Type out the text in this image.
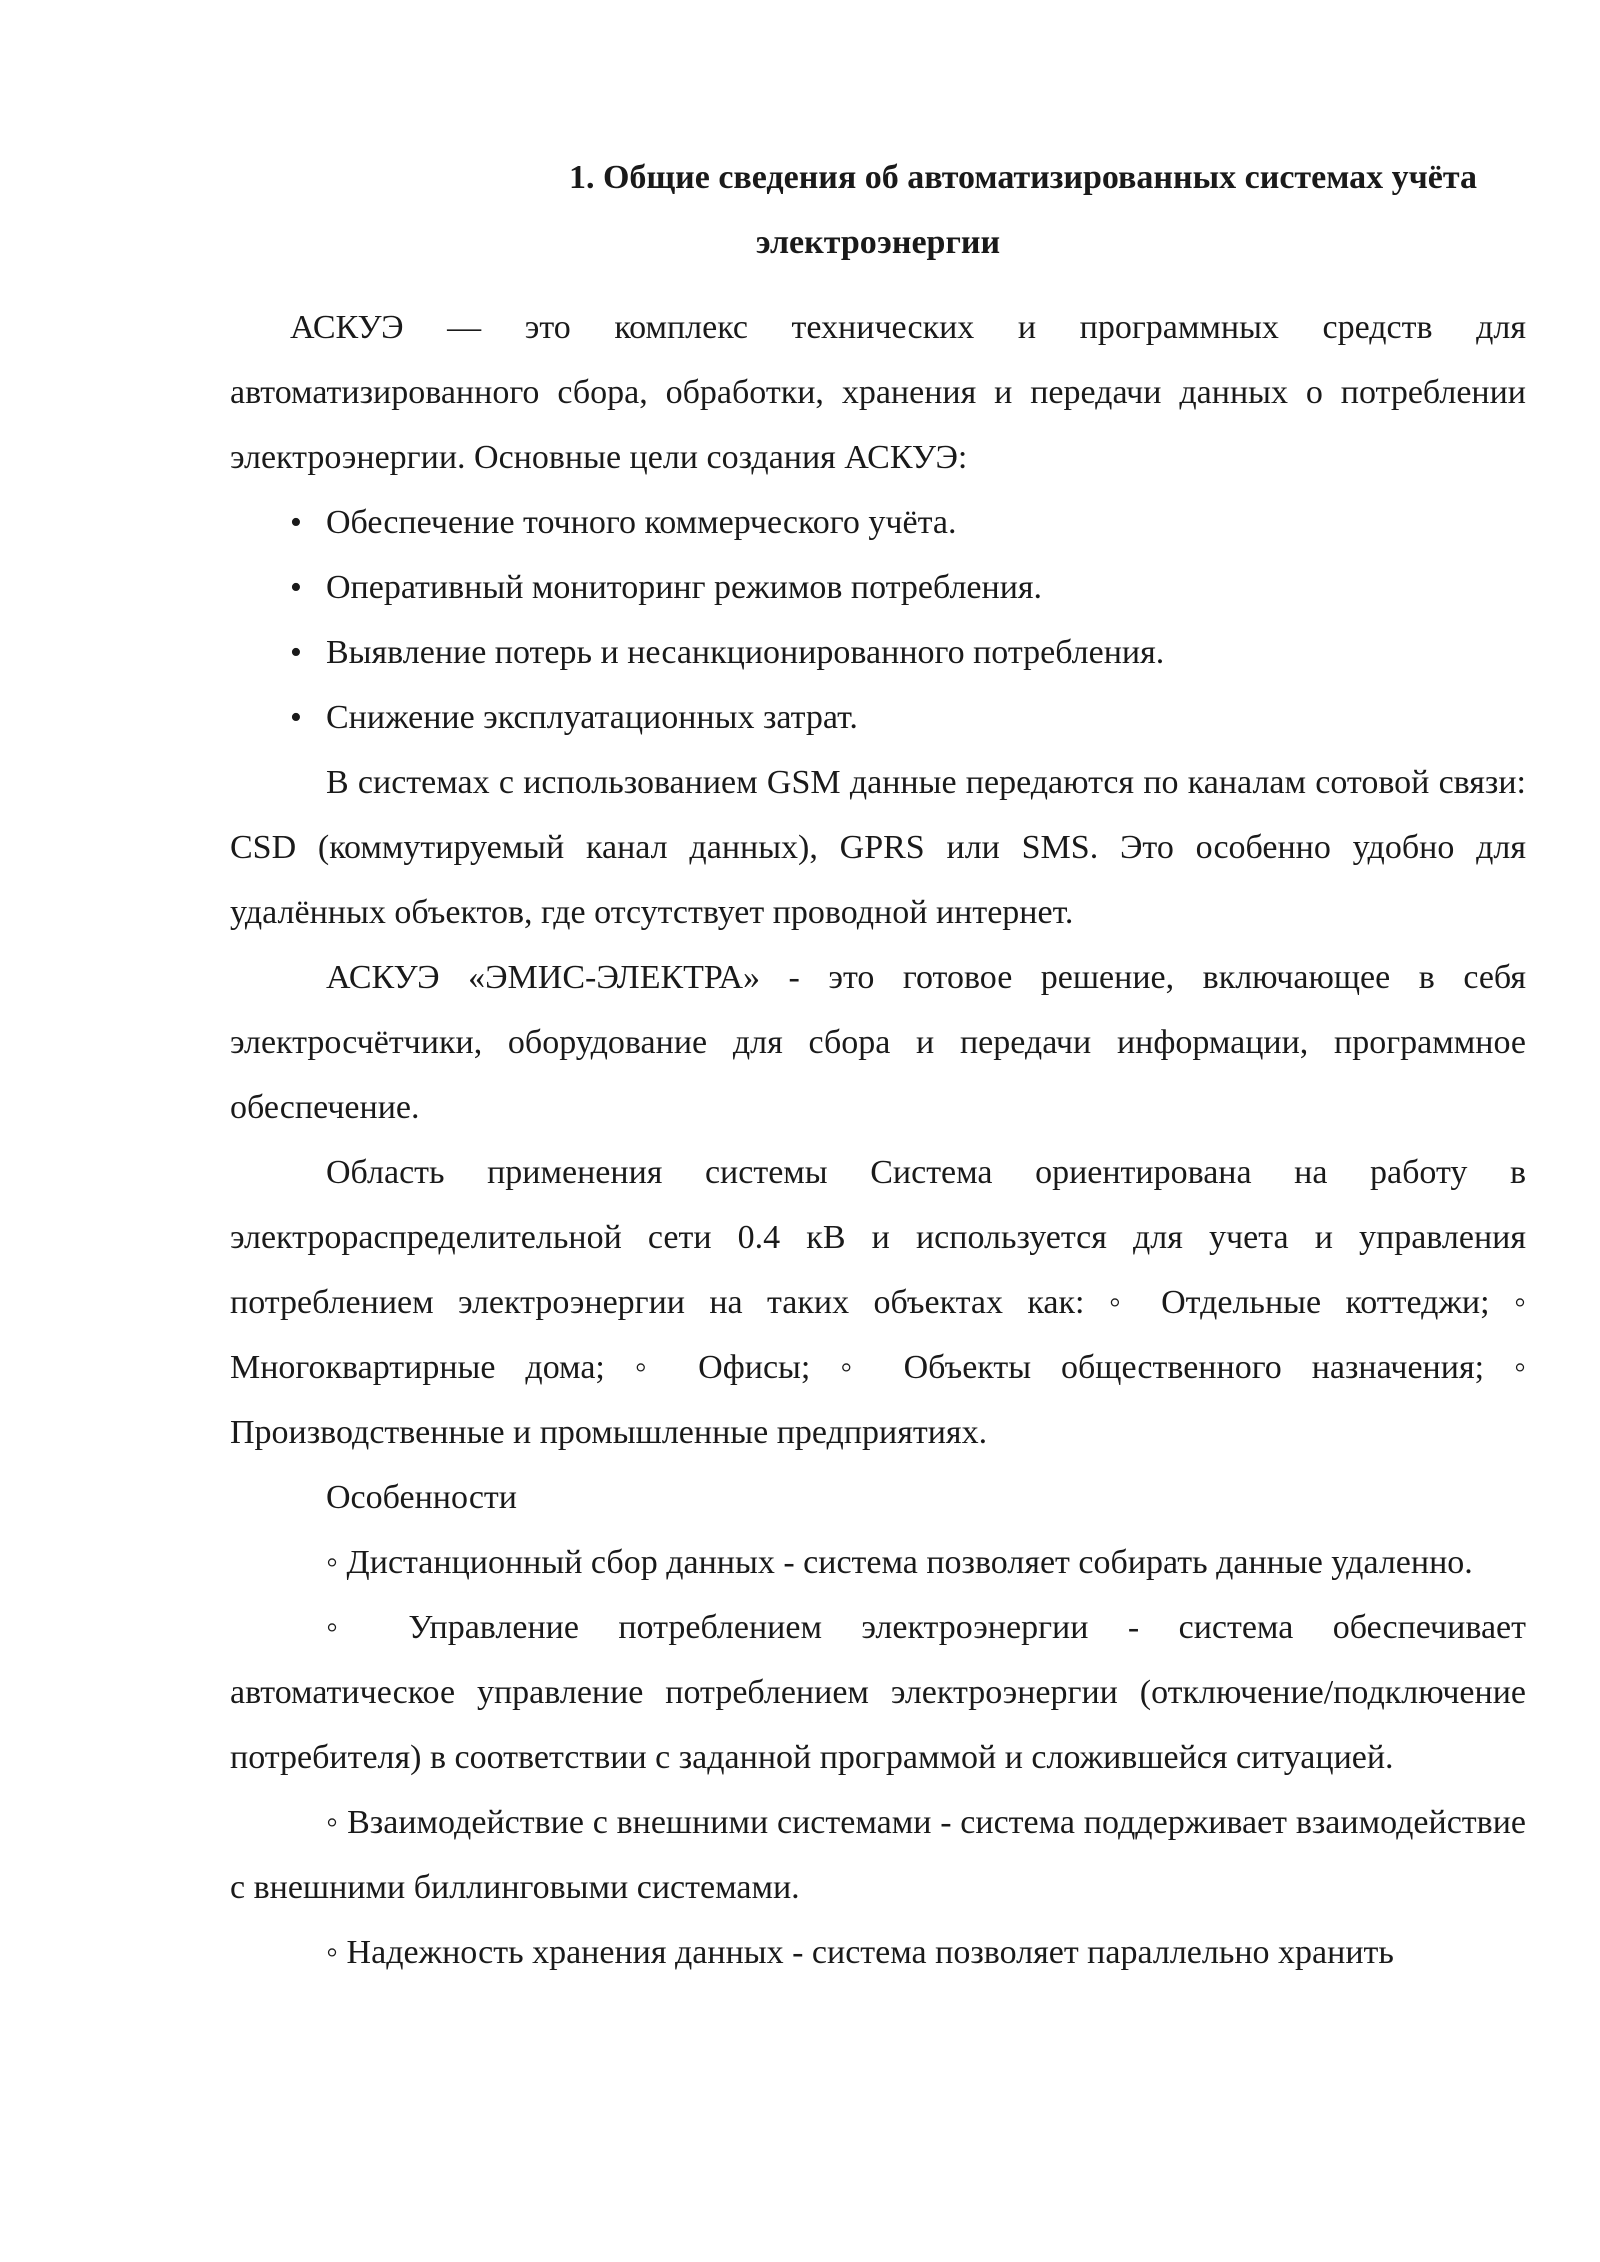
1. Общие сведения об автоматизированных системах учёта
электроэнергии

АСКУЭ — это комплекс технических и программных средств для автоматизированного сбора, обработки, хранения и передачи данных о потреблении электроэнергии. Основные цели создания АСКУЭ:

• Обеспечение точного коммерческого учёта.
• Оперативный мониторинг режимов потребления.
• Выявление потерь и несанкционированного потребления.
• Снижение эксплуатационных затрат.

В системах с использованием GSM данные передаются по каналам сотовой связи: CSD (коммутируемый канал данных), GPRS или SMS. Это особенно удобно для удалённых объектов, где отсутствует проводной интернет.

АСКУЭ «ЭМИС-ЭЛЕКТРА» - это готовое решение, включающее в себя электросчётчики, оборудование для сбора и передачи информации, программное обеспечение.

Область применения системы Система ориентирована на работу в электрораспределительной сети 0.4 кВ и используется для учета и управления потреблением электроэнергии на таких объектах как: ◦ Отдельные коттеджи; ◦ Многоквартирные дома; ◦ Офисы; ◦ Объекты общественного назначения; ◦ Производственные и промышленные предприятиях.

Особенности

◦ Дистанционный сбор данных - система позволяет собирать данные удаленно.

◦ Управление потреблением электроэнергии - система обеспечивает автоматическое управление потреблением электроэнергии (отключение/подключение потребителя) в соответствии с заданной программой и сложившейся ситуацией.

◦ Взаимодействие с внешними системами - система поддерживает взаимодействие с внешними биллинговыми системами.

◦ Надежность хранения данных - система позволяет параллельно хранить
